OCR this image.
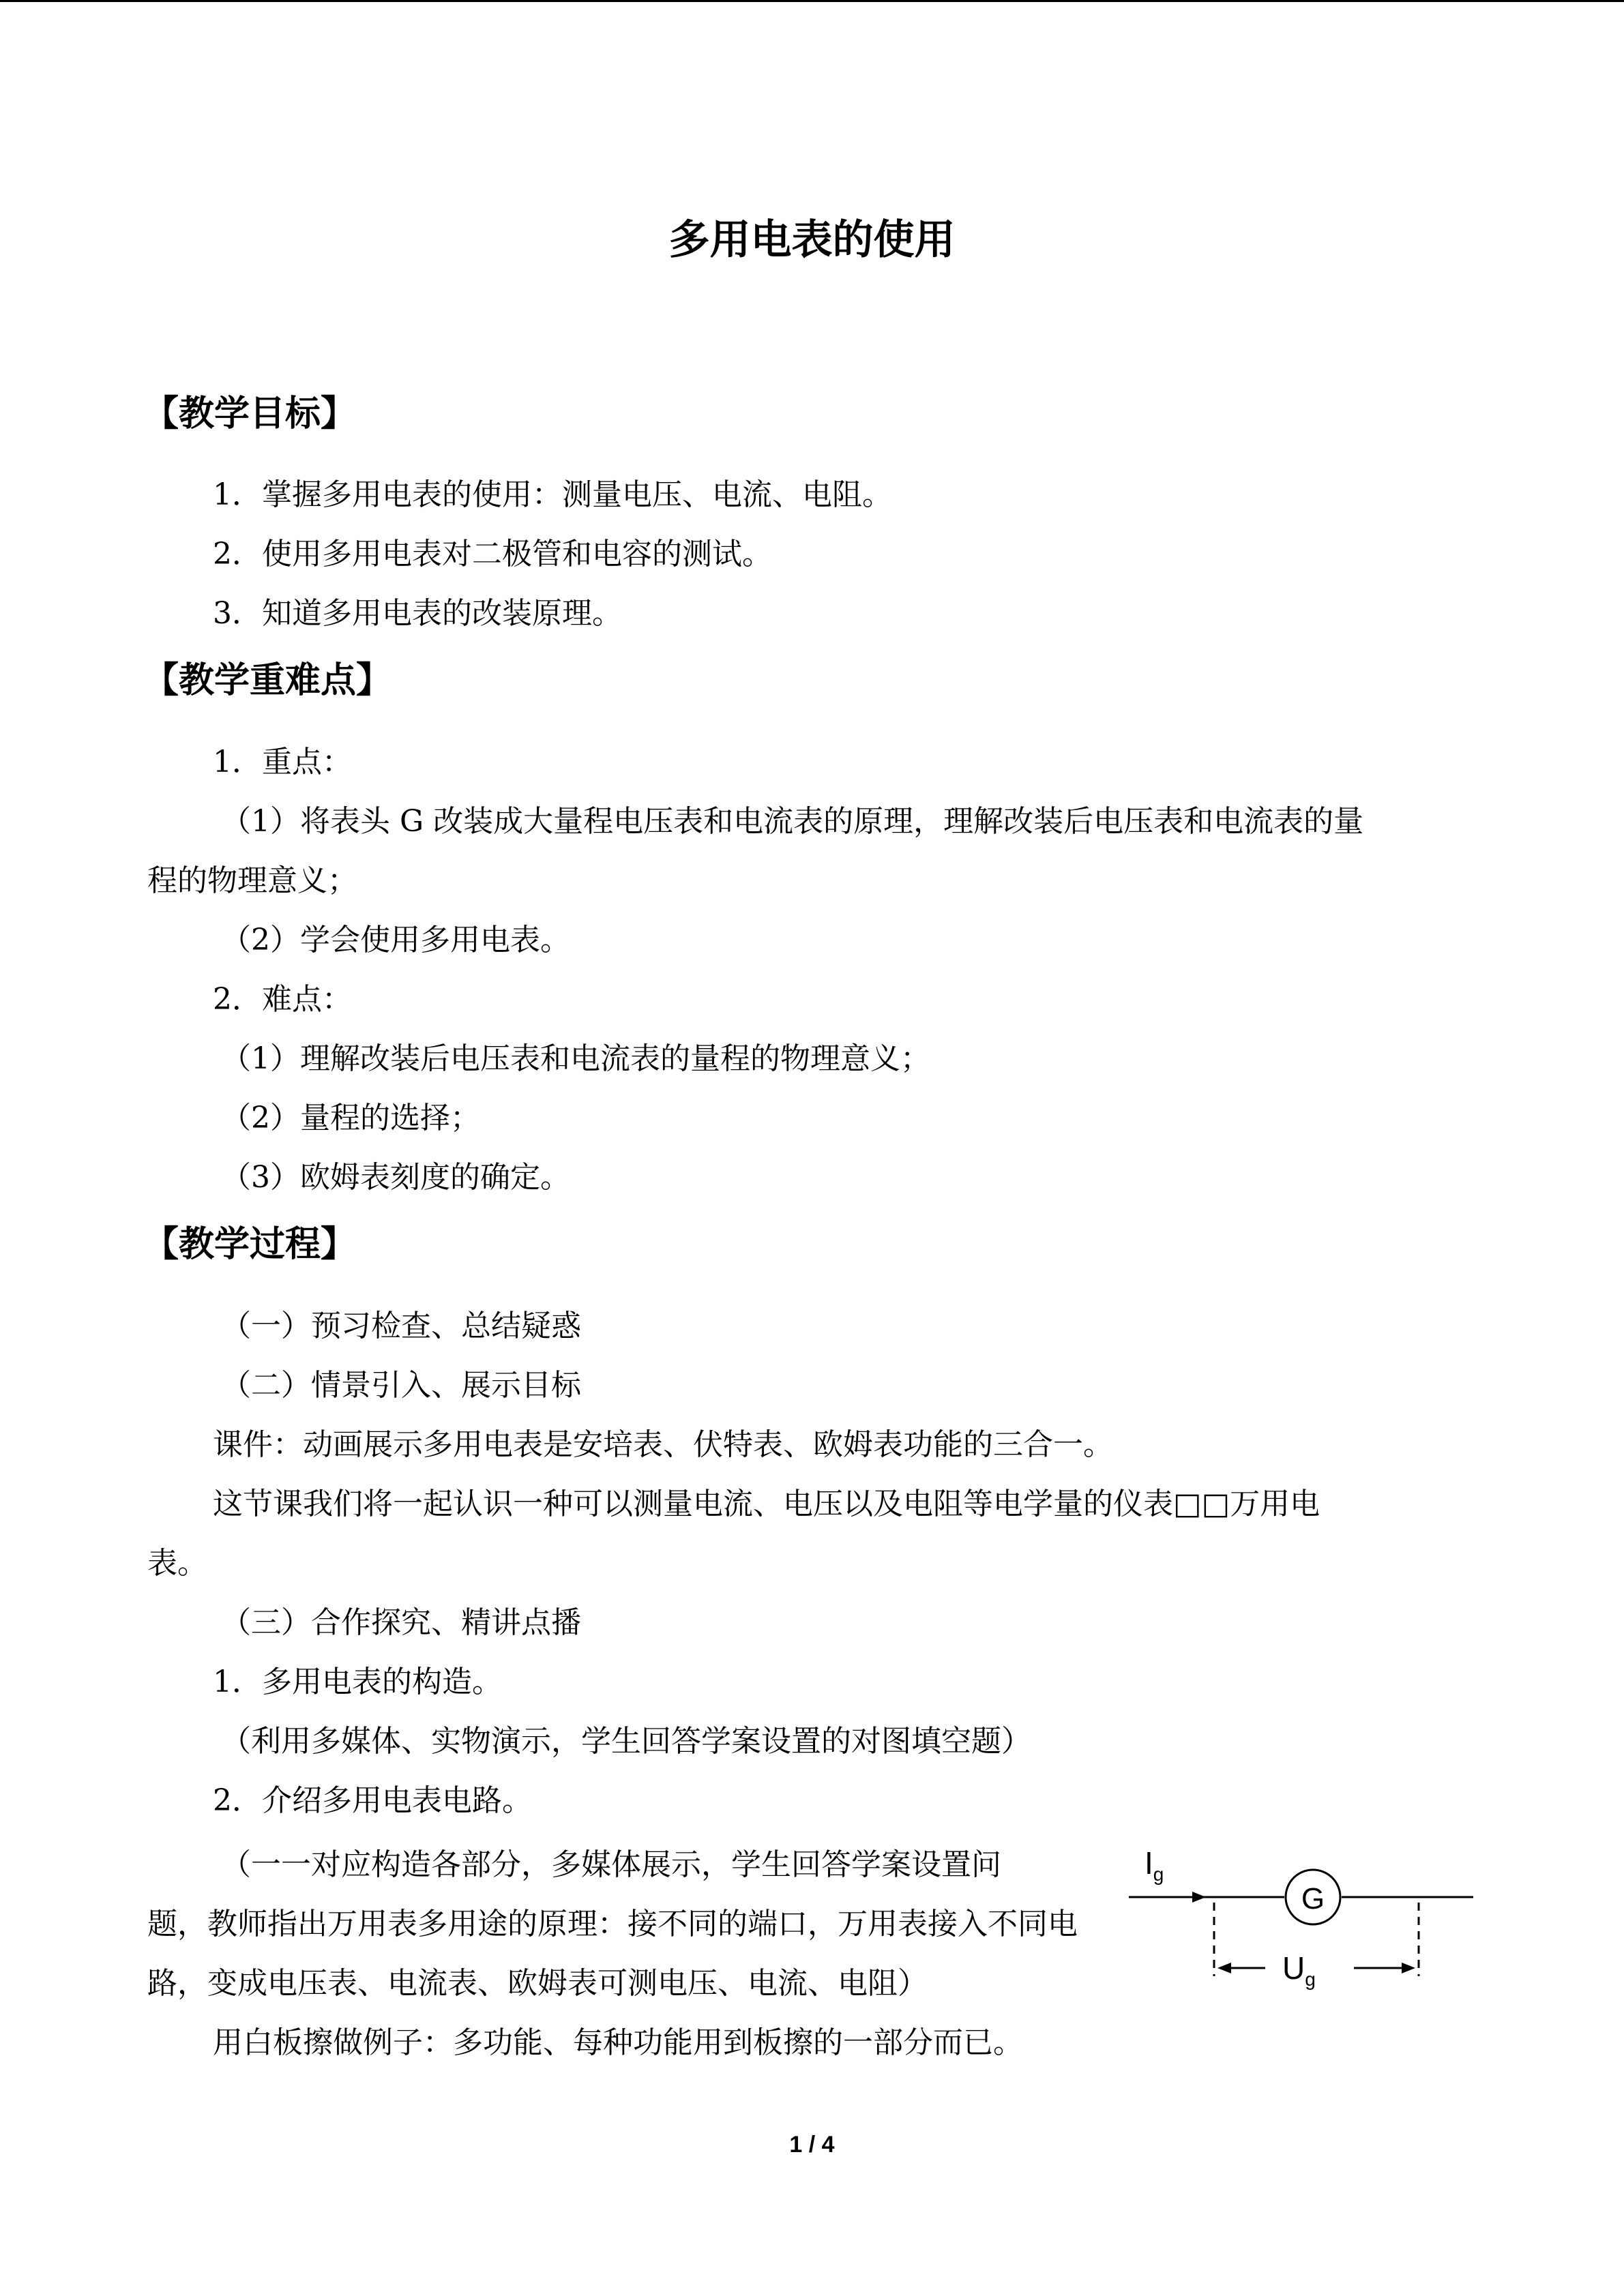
多用电表的使用
【教学目标】
1．掌握多用电表的使用：测量电压、电流、电阻。
2．使用多用电表对二极管和电容的测试。
3．知道多用电表的改装原理。
【教学重难点】
1．重点：
（1）将表头 G 改装成大量程电压表和电流表的原理，理解改装后电压表和电流表的量
程的物理意义；
（2）学会使用多用电表。
2．难点：
（1）理解改装后电压表和电流表的量程的物理意义；
（2）量程的选择；
（3）欧姆表刻度的确定。
【教学过程】
（一）预习检查、总结疑惑
（二）情景引入、展示目标
课件：动画展示多用电表是安培表、伏特表、欧姆表功能的三合一。
这节课我们将一起认识一种可以测量电流、电压以及电阻等电学量的仪表□□万用电
表。
（三）合作探究、精讲点播
1．多用电表的构造。
（利用多媒体、实物演示，学生回答学案设置的对图填空题）
2．介绍多用电表电路。
（一一对应构造各部分，多媒体展示，学生回答学案设置问
题，教师指出万用表多用途的原理：接不同的端口，万用表接入不同电
路，变成电压表、电流表、欧姆表可测电压、电流、电阻）
用白板擦做例子：多功能、每种功能用到板擦的一部分而已。
$I_g$
G
$U_g$
1 / 4
